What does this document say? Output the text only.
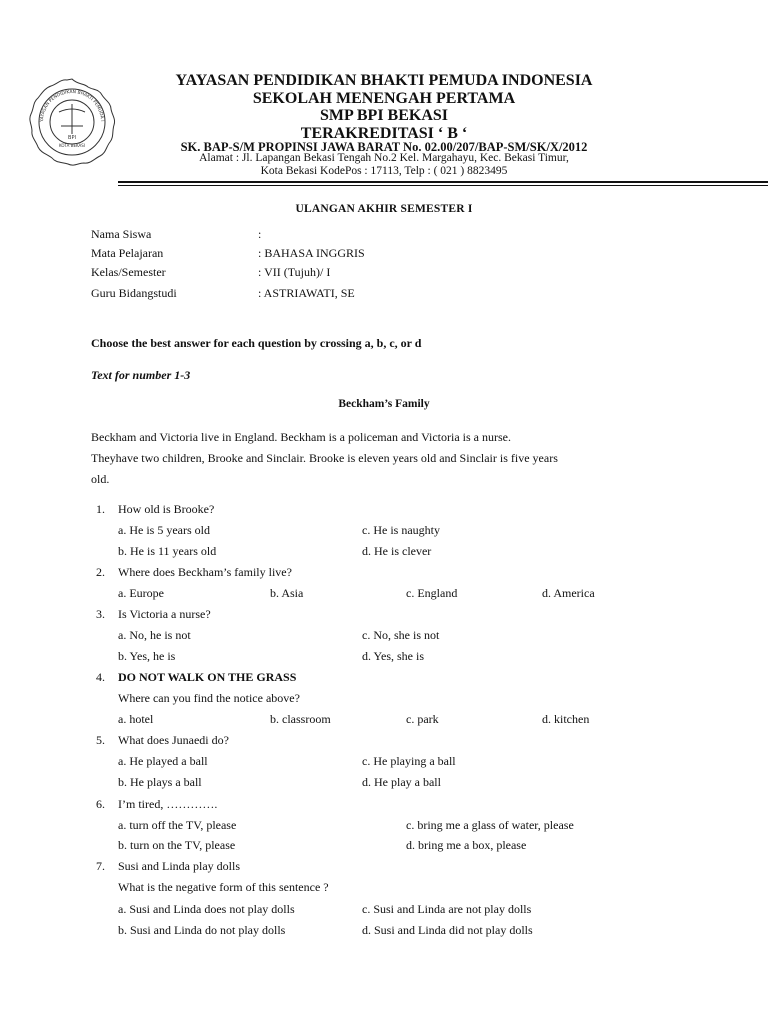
BPI
KOTA BEKASI
YAYASAN PENDIDIKAN BHAKTI PEMUDA I
YAYASAN PENDIDIKAN BHAKTI PEMUDA INDONESIA
SEKOLAH MENENGAH PERTAMA
SMP BPI BEKASI
TERAKREDITASI ‘ B ‘
SK. BAP-S/M PROPINSI JAWA BARAT No. 02.00/207/BAP-SM/SK/X/2012
Alamat : Jl. Lapangan Bekasi Tengah No.2 Kel. Margahayu, Kec. Bekasi Timur,
Kota Bekasi KodePos : 17113, Telp : ( 021 ) 8823495
ULANGAN AKHIR SEMESTER I
Nama Siswa	:
Mata Pelajaran	: BAHASA INGGRIS
Kelas/Semester	: VII (Tujuh)/ I
Guru Bidangstudi	: ASTRIAWATI, SE
Choose the best answer for each question by crossing a, b, c, or d
Text for number 1-3
Beckham’s Family
Beckham and Victoria live in England. Beckham is a policeman and Victoria is a nurse.
Theyhave two children, Brooke and Sinclair. Brooke is eleven years old and Sinclair is five years
old.
1. How old is Brooke?
a. He is 5 years old	c. He is naughty
b. He is 11 years old	d. He is clever
2. Where does Beckham’s family live?
a. Europe	b. Asia	c. England	d. America
3. Is Victoria a nurse?
a. No, he is not	c. No, she is not
b. Yes, he is	d. Yes, she is
4. DO NOT WALK ON THE GRASS
Where can you find the notice above?
a. hotel	b. classroom	c. park	d. kitchen
5. What does Junaedi do?
a. He played a ball	c. He playing a ball
b. He plays a ball	d. He play a ball
6. I’m tired, ………….
a. turn off the TV, please	c. bring me a glass of water, please
b. turn on the TV, please	d. bring me a box, please
7. Susi and Linda play dolls
What is the negative form of this sentence ?
a. Susi and Linda does not play dolls	c. Susi and Linda are not play dolls
b. Susi and Linda do not play dolls	d. Susi and Linda did not play dolls
